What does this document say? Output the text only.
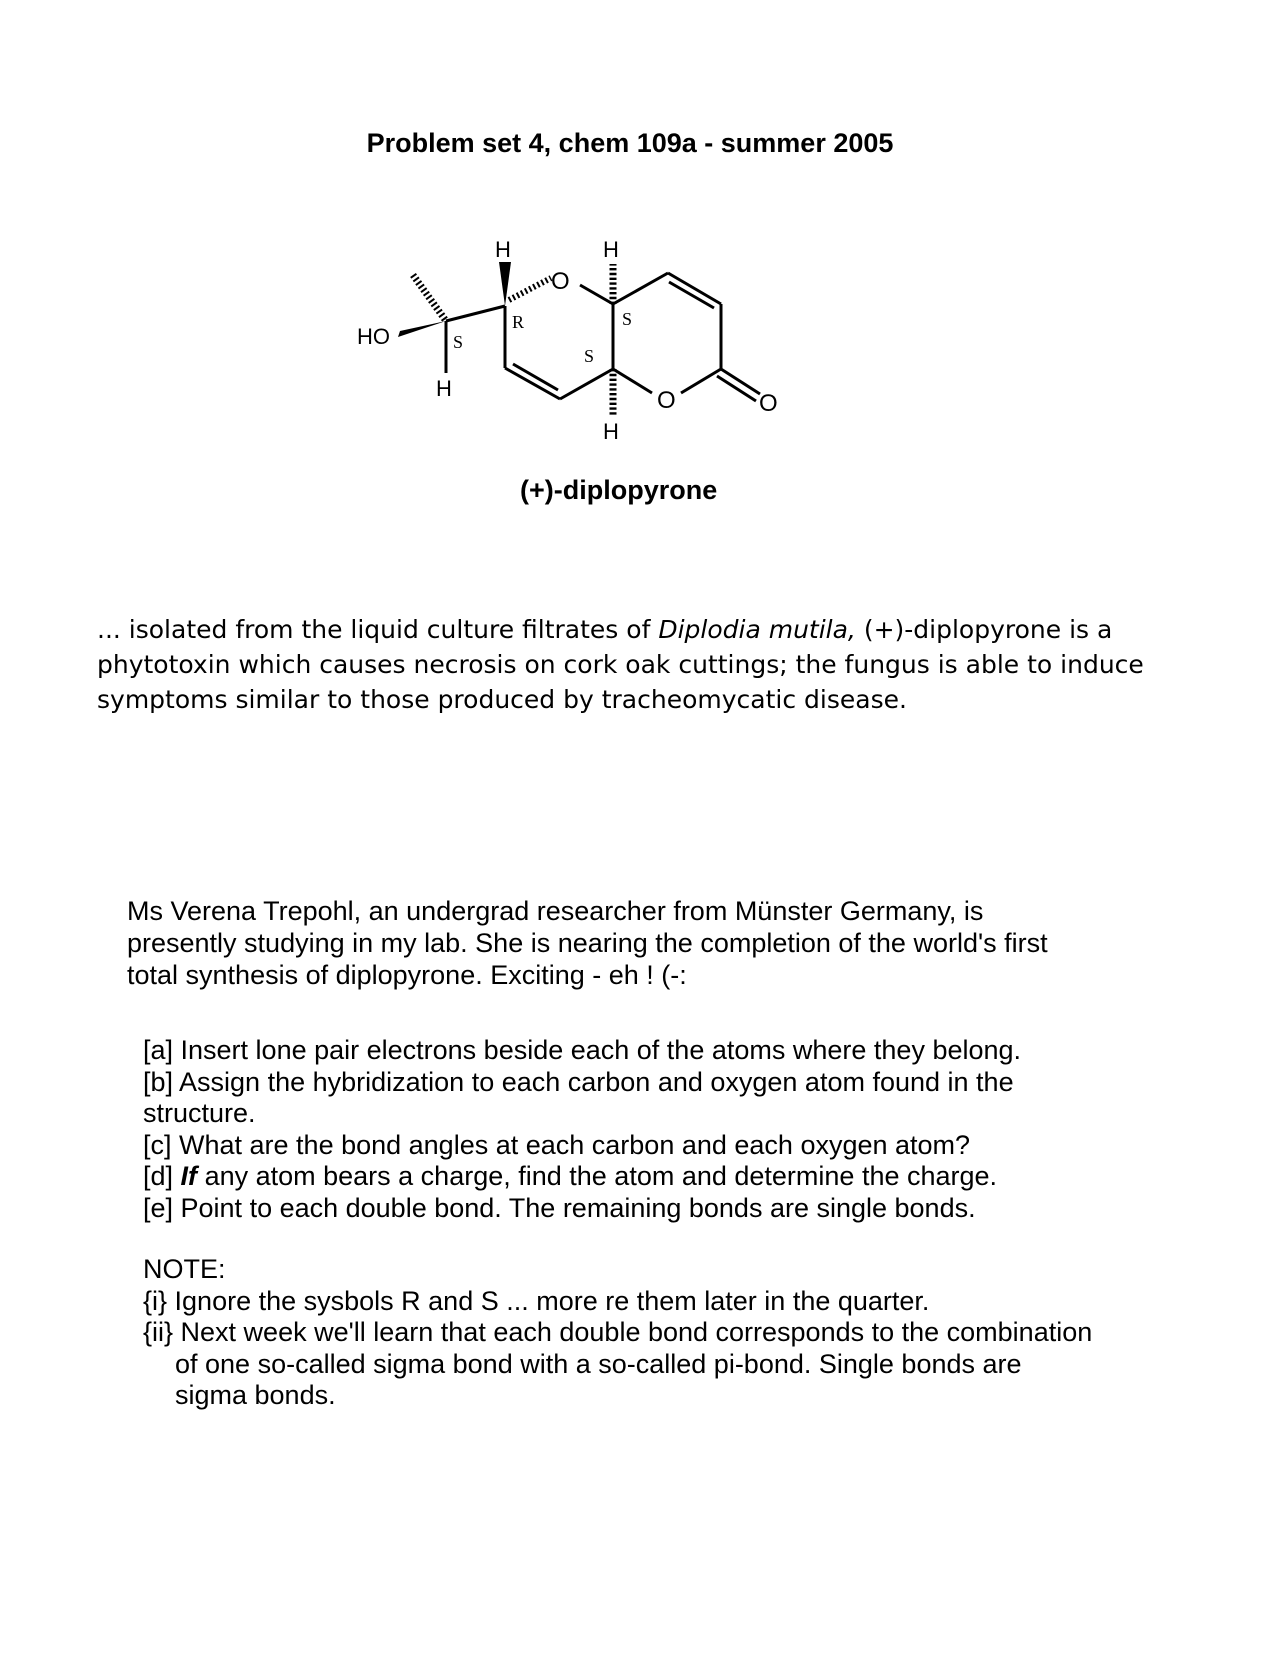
Problem set 4, chem 109a - summer 2005
HO
H
H	H
H
O
O	O
S
R	S
S
(+)-diplopyrone

... isolated from the liquid culture filtrates of Diplodia mutila, (+)-diplopyrone is a phytotoxin which causes necrosis on cork oak cuttings; the fungus is able to induce symptoms similar to those produced by tracheomycatic disease.

Ms Verena Trepohl, an undergrad researcher from Münster Germany, is
presently studying in my lab. She is nearing the completion of the world's first
total synthesis of diplopyrone. Exciting - eh ! (-:

[a] Insert lone pair electrons beside each of the atoms where they belong.
[b] Assign the hybridization to each carbon and oxygen atom found in the
structure.
[c] What are the bond angles at each carbon and each oxygen atom?
[d] If any atom bears a charge, find the atom and determine the charge.
[e] Point to each double bond. The remaining bonds are single bonds.
NOTE:
{i} Ignore the sysbols R and S ... more re them later in the quarter.
{ii} Next week we'll learn that each double bond corresponds to the combination
of one so-called sigma bond with a so-called pi-bond. Single bonds are
sigma bonds.
